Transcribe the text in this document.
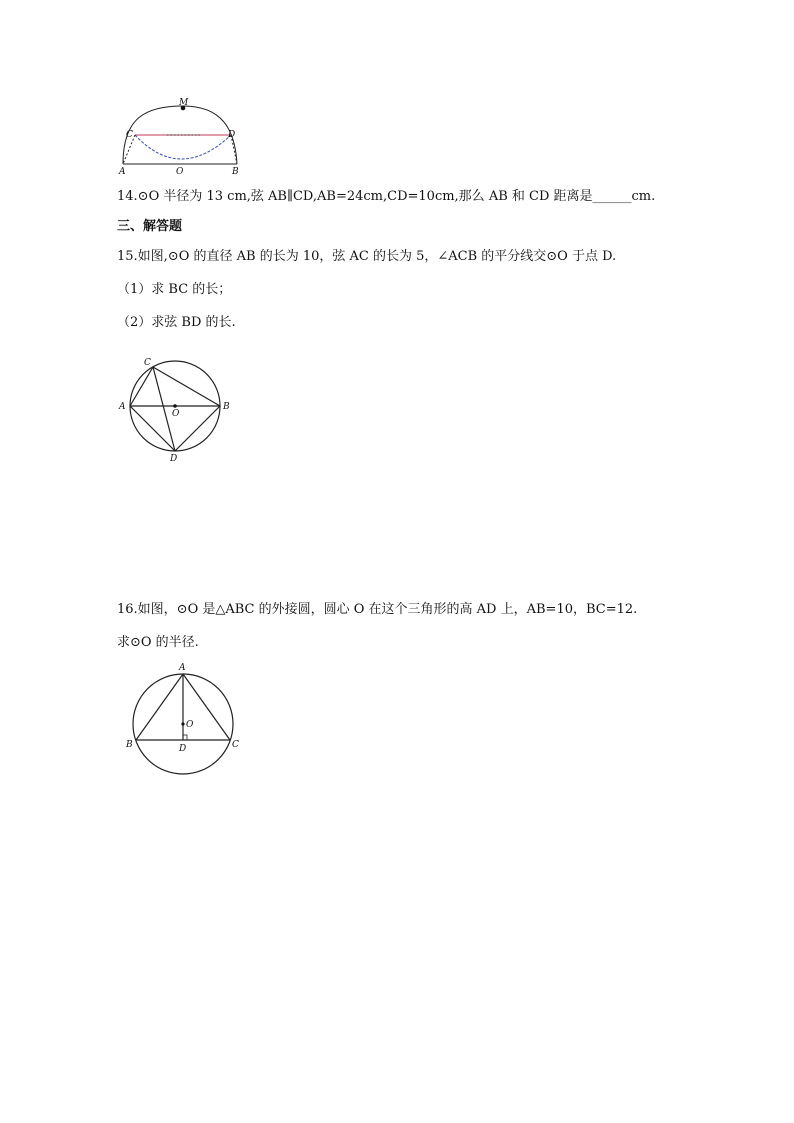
M
C	D
A	O	B
14.⊙O 半径为 13 cm,弦 AB∥CD,AB=24cm,CD=10cm,那么 AB 和 CD 距离是______cm.
三、解答题
15.如图,⊙O 的直径 AB 的长为 10，弦 AC 的长为 5，∠ACB 的平分线交⊙O 于点 D.
（1）求 BC 的长；
（2）求弦 BD 的长.
C
A
O
B
D
16.如图，⊙O 是△ABC 的外接圆，圆心 O 在这个三角形的高 AD 上，AB=10，BC=12.
求⊙O 的半径.
A
O
B	D	C
